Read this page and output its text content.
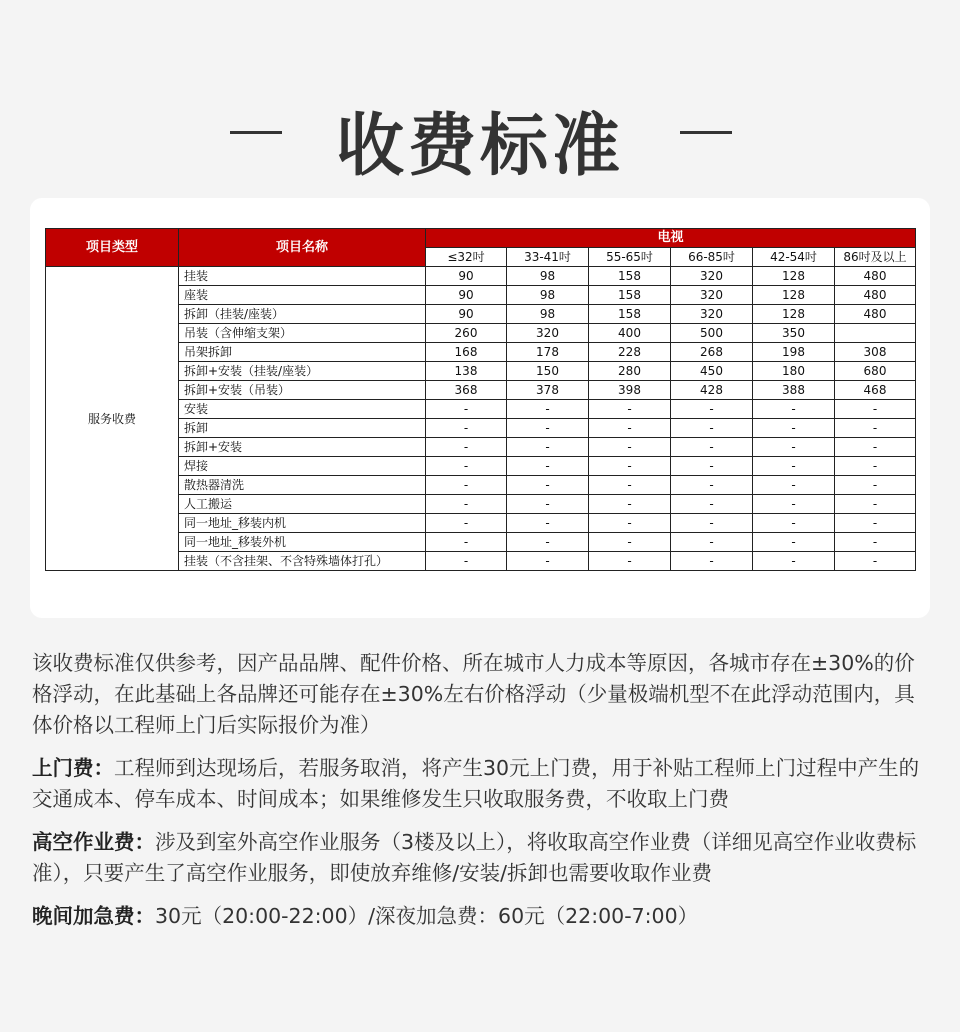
收费标准
项目类型	项目名称	电视					
		≤32吋	33-41吋	55-65吋	66-85吋	42-54吋	86吋及以上
服务收费	挂装	90	98	158	320	128	480
	座装	90	98	158	320	128	480
	拆卸（挂装/座装）	90	98	158	320	128	480
	吊装（含伸缩支架）	260	320	400	500	350	
	吊架拆卸	168	178	228	268	198	308
	拆卸+安装（挂装/座装）	138	150	280	450	180	680
	拆卸+安装（吊装）	368	378	398	428	388	468
	安装	-	-	-	-	-	-
	拆卸	-	-	-	-	-	-
	拆卸+安装	-	-	-	-	-	-
	焊接	-	-	-	-	-	-
	散热器清洗	-	-	-	-	-	-
	人工搬运	-	-	-	-	-	-
	同一地址_移装内机	-	-	-	-	-	-
	同一地址_移装外机	-	-	-	-	-	-
	挂装（不含挂架、不含特殊墙体打孔）	-	-	-	-	-	-

该收费标准仅供参考，因产品品牌、配件价格、所在城市人力成本等原因，各城市存在±30%的价格浮动，在此基础上各品牌还可能存在±30%左右价格浮动（少量极端机型不在此浮动范围内，具体价格以工程师上门后实际报价为准）

上门费：工程师到达现场后，若服务取消，将产生30元上门费，用于补贴工程师上门过程中产生的交通成本、停车成本、时间成本；如果维修发生只收取服务费，不收取上门费

高空作业费：涉及到室外高空作业服务（3楼及以上），将收取高空作业费（详细见高空作业收费标准），只要产生了高空作业服务，即使放弃维修/安装/拆卸也需要收取作业费

晚间加急费：30元（20:00-22:00）/深夜加急费：60元（22:00-7:00）
